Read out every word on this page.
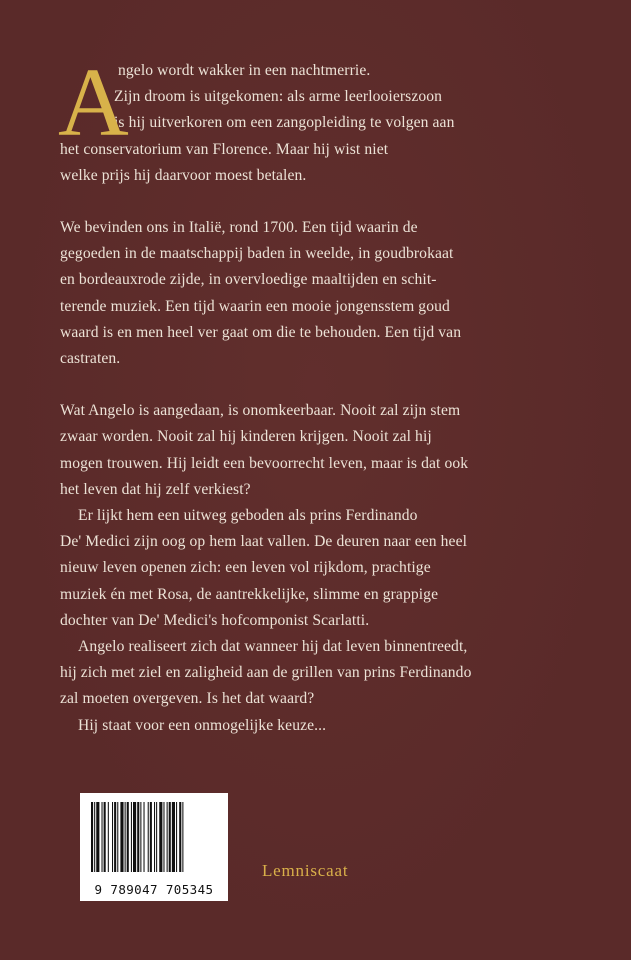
A
ngelo wordt wakker in een nachtmerrie.
Zijn droom is uitgekomen: als arme leerlooierszoon
is hij uitverkoren om een zangopleiding te volgen aan
het conservatorium van Florence. Maar hij wist niet
welke prijs hij daarvoor moest betalen.
We bevinden ons in Italië, rond 1700. Een tijd waarin de
gegoeden in de maatschappij baden in weelde, in goudbrokaat
en bordeauxrode zijde, in overvloedige maaltijden en schit-
terende muziek. Een tijd waarin een mooie jongensstem goud
waard is en men heel ver gaat om die te behouden. Een tijd van
castraten.
Wat Angelo is aangedaan, is onomkeerbaar. Nooit zal zijn stem
zwaar worden. Nooit zal hij kinderen krijgen. Nooit zal hij
mogen trouwen. Hij leidt een bevoorrecht leven, maar is dat ook
het leven dat hij zelf verkiest?
Er lijkt hem een uitweg geboden als prins Ferdinando
De' Medici zijn oog op hem laat vallen. De deuren naar een heel
nieuw leven openen zich: een leven vol rijkdom, prachtige
muziek én met Rosa, de aantrekkelijke, slimme en grappige
dochter van De' Medici's hofcomponist Scarlatti.
Angelo realiseert zich dat wanneer hij dat leven binnentreedt,
hij zich met ziel en zaligheid aan de grillen van prins Ferdinando
zal moeten overgeven. Is het dat waard?
Hij staat voor een onmogelijke keuze...
9 789047 705345
Lemniscaat
